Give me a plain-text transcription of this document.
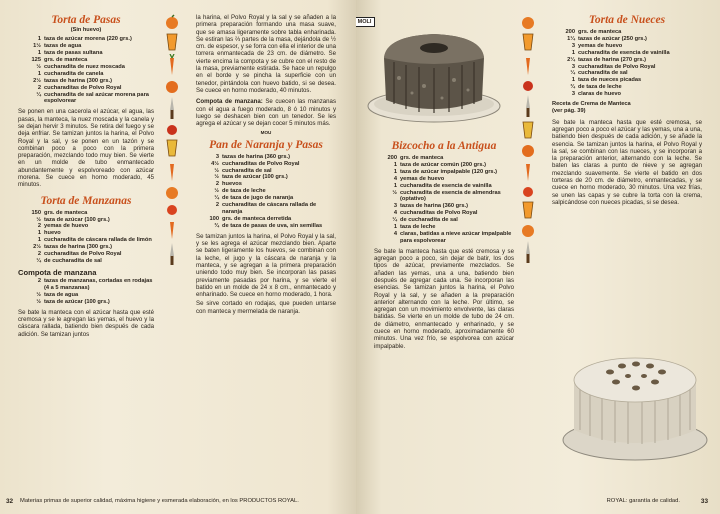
Torta de Pasas
(Sin huevo)
1 taza de azúcar morena (220 grs.)
1½ tazas de agua
1 taza de pasas sultana
125 grs. de manteca
½ cucharadita de nuez moscada
1 cucharadita de canela
2½ tazas de harina (300 grs.)
2 cucharaditas de Polvo Royal
¼ cucharadita de sal azúcar morena para espolvorear

Se ponen en una cacerola el azúcar, el agua, las pasas, la manteca, la nuez moscada y la canela y se dejan hervir 3 minutos. Se retira del fuego y se deja enfriar. Se tamizan juntos la harina, el Polvo Royal y la sal, y se ponen en un tazón y se combinan poco a poco con la primera preparación, mezclando todo muy bien. Se vierte en un molde de tubo enmantecado abundantemente y espolvoreado con azúcar morena. Se cuece en horno moderado, 45 minutos.

Torta de Manzanas
150 grs. de manteca
½ taza de azúcar (100 grs.)
2 yemas de huevo
1 huevo
1 cucharadita de cáscara rallada de limón
2½ tazas de harina (300 grs.)
2 cucharaditas de Polvo Royal
¼ de cucharadita de sal
Compota de manzana
2 tazas de manzanas, cortadas en rodajas (4 a 5 manzanas)
½ taza de agua
½ taza de azúcar (100 grs.)

Se bate la manteca con el azúcar hasta que esté cremosa y se le agregan las yemas, el huevo y la cáscara rallada, batiendo bien después de cada adición. Se tamizan juntos

la harina, el Polvo Royal y la sal y se añaden a la primera preparación formando una masa suave, que se amasa ligeramente sobre tabla enharinada. Se estiran las ⅔ partes de la masa, dejándola de ½ cm. de espesor, y se forra con ella el interior de una torrera enmantecada de 23 cm. de diámetro. Se vierte encima la compota y se cubre con el resto de la masa, previamente estirada. Se hace un repulgo en el borde y se pincha la superficie con un tenedor, pintándola con huevo batido, si se desea. Se cuece en horno moderado, 40 minutos.

Compota de manzana: Se cuecen las manzanas con el agua a fuego moderado, 8 ó 10 minutos y luego se deshacen bien con un tenedor. Se les agrega el azúcar y se dejan cocer 5 minutos más.

MOU
Pan de Naranja y Pasas
3 tazas de harina (360 grs.)
4½ cucharaditas de Polvo Royal
½ cucharadita de sal
½ taza de azúcar (100 grs.)
2 huevos
½ de taza de leche
¼ de taza de jugo de naranja
2 cucharaditas de cáscara rallada de naranja
100 grs. de manteca derretida
¾ de taza de pasas de uva, sin semillas

Se tamizan juntos la harina, el Polvo Royal y la sal, y se les agrega el azúcar mezclando bien. Aparte se baten ligeramente los huevos, se combinan con la leche, el jugo y la cáscara de naranja y la manteca, y se agregan a la primera preparación uniendo todo muy bien. Se incorporan las pasas previamente pasadas por harina, y se vierte el batido en un molde de 24 x 8 cm., enmantecado y enharinado. Se cuece en horno moderado, 1 hora.

Se sirve cortado en rodajas, que pueden untarse con manteca y mermelada de naranja.

32 Materias primas de superior calidad, máxima higiene y esmerada elaboración, en los PRODUCTOS ROYAL.
MOLI
Bizcocho a la Antigua
200 grs. de manteca
1 taza de azúcar común (200 grs.)
1 taza de azúcar impalpable (120 grs.)
4 yemas de huevo
1 cucharadita de esencia de vainilla
½ cucharadita de esencia de almendras (optativo)
3 tazas de harina (360 grs.)
4 cucharaditas de Polvo Royal
¼ de cucharadita de sal
1 taza de leche
4 claras, batidas a nieve azúcar impalpable para espolvorear

Se bate la manteca hasta que esté cremosa y se agregan poco a poco, sin dejar de batir, los dos tipos de azúcar, previamente mezclados. Se añaden las yemas, una a una, batiendo bien después de agregar cada una. Se incorporan las esencias. Se tamizan juntos la harina, el Polvo Royal y la sal, y se añaden a la preparación anterior alternando con la leche. Por último, se agregan con un movimiento envolvente, las claras batidas. Se vierte en un molde de tubo de 24 cm. de diámetro, enmantecado y enharinado, y se cuece en horno moderado, aproximadamente 60 minutos. Una vez frío, se espolvorea con azúcar impalpable.

Torta de Nueces
200 grs. de manteca
1¼ tazas de azúcar (250 grs.)
3 yemas de huevo
1 cucharadita de esencia de vainilla
2¼ tazas de harina (270 grs.)
3 cucharaditas de Polvo Royal
¼ cucharadita de sal
1 taza de nueces picadas
¾ de taza de leche
3 claras de huevo

Receta de Crema de Manteca
(ver pág. 39)

Se bate la manteca hasta que esté cremosa, se agregan poco a poco el azúcar y las yemas, una a una, batiendo bien después de cada adición, y se añade la esencia. Se tamizan juntos la harina, el Polvo Royal y la sal, se combinan con las nueces, y se incorporan a la preparación anterior, alternando con la leche. Se baten las claras a punto de nieve y se agregan mezclando suavemente. Se vierte el batido en dos torteras de 20 cm. de diámetro, enmantecadas, y se cuece en horno moderado, 30 minutos. Una vez frías, se unen las capas y se cubre la torta con la crema, salpicándose con nueces picadas, si se desea.

ROYAL: garantía de calidad.	33
